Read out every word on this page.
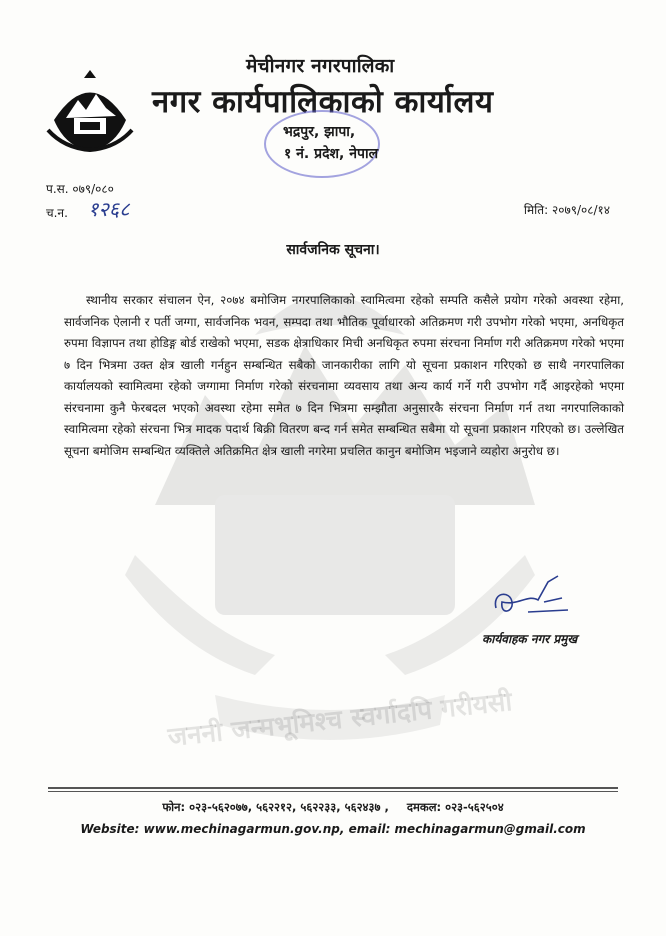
जननी जन्मभूमिश्च स्वर्गादपि गरीयसी
मेचीनगर नगरपालिका
नगर कार्यपालिकाको कार्यालय
भद्रपुर, झापा,
१ नं. प्रदेश, नेपाल
प.स. ०७९/०८०
च.न. १२६८	मिति: २०७९/०८/१४
सार्वजनिक सूचना।

स्थानीय सरकार संचालन ऐन, २०७४ बमोजिम नगरपालिकाको स्वामित्वमा रहेको सम्पति कसैले प्रयोग गरेको अवस्था रहेमा, सार्वजनिक ऐलानी र पर्ती जग्गा, सार्वजनिक भवन, सम्पदा तथा भौतिक पूर्वाधारको अतिक्रमण गरी उपभोग गरेको भएमा, अनधिकृत रुपमा विज्ञापन तथा होडिङ्ग बोर्ड राखेको भएमा, सडक क्षेत्राधिकार मिची अनधिकृत रुपमा संरचना निर्माण गरी अतिक्रमण गरेको भएमा ७ दिन भित्रमा उक्त क्षेत्र खाली गर्नहुन सम्बन्धित सबैको जानकारीका लागि यो सूचना प्रकाशन गरिएको छ साथै नगरपालिका कार्यालयको स्वामित्वमा रहेको जग्गामा निर्माण गरेको संरचनामा व्यवसाय तथा अन्य कार्य गर्ने गरी उपभोग गर्दै आइरहेको भएमा संरचनामा कुनै फेरबदल भएको अवस्था रहेमा समेत ७ दिन भित्रमा सम्झौता अनुसारकै संरचना निर्माण गर्न तथा नगरपालिकाको स्वामित्वमा रहेको संरचना भित्र मादक पदार्थ बिक्री वितरण बन्द गर्न समेत सम्बन्धित सबैमा यो सूचना प्रकाशन गरिएको छ। उल्लेखित सूचना बमोजिम सम्बन्धित व्यक्तिले अतिक्रमित क्षेत्र खाली नगरेमा प्रचलित कानुन बमोजिम भइजाने व्यहोरा अनुरोध छ।

कार्यवाहक नगर प्रमुख
फोन: ०२३-५६२०७७, ५६२२१२, ५६२२३३, ५६२४३७ , दमकल: ०२३-५६२५०४
Website: www.mechinagarmun.gov.np, email: mechinagarmun@gmail.com
